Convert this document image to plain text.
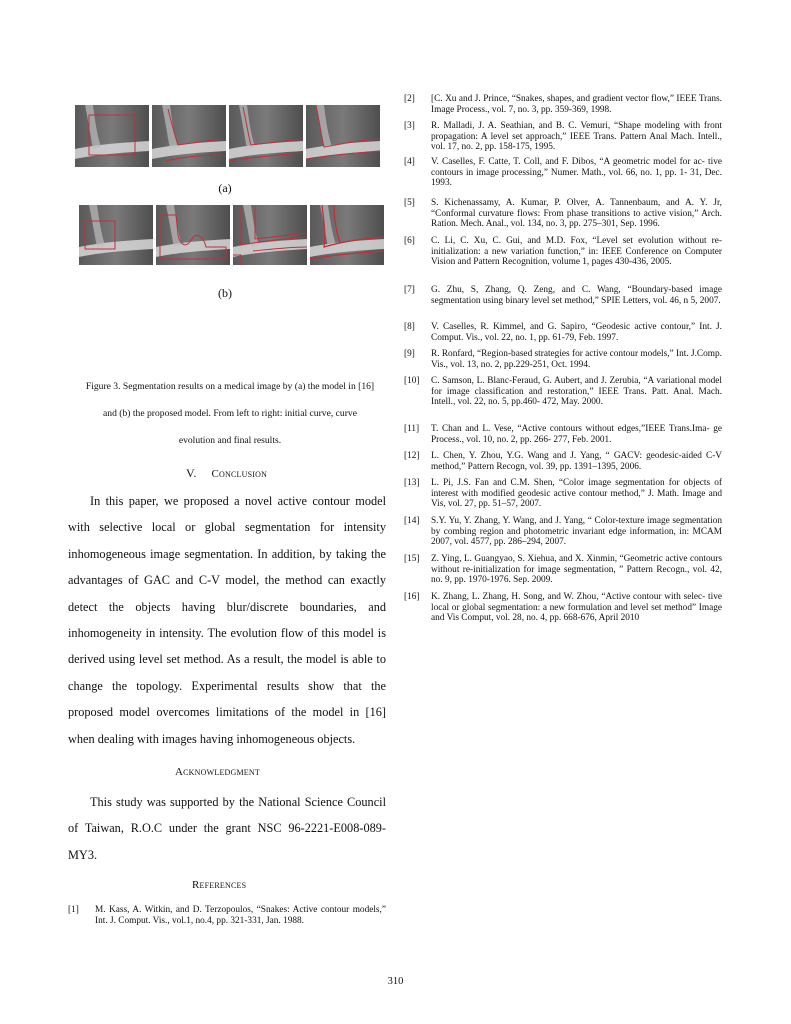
(a)
(b)
Figure 3. Segmentation results on a medical image by (a) the model in [16]
and (b) the proposed model. From left to right: initial curve, curve
evolution and final results.
V. Conclusion
In this paper, we proposed a novel active contour model with selective local or global segmentation for intensity inhomogeneous image segmentation. In addition, by taking the advantages of GAC and C-V model, the method can exactly detect the objects having blur/discrete boundaries, and inhomogeneity in intensity. The evolution flow of this model is derived using level set method. As a result, the model is able to change the topology. Experimental results show that the proposed model overcomes limitations of the model in [16] when dealing with images having inhomogeneous objects.
Acknowledgment
This study was supported by the National Science Council of Taiwan, R.O.C under the grant NSC 96-2221-E008-089-MY3.
References
[1]	M. Kass, A. Witkin, and D. Terzopoulos, “Snakes: Active contour models,” Int. J. Comput. Vis., vol.1, no.4, pp. 321-331, Jan. 1988.
[2]	[C. Xu and J. Prince, “Snakes, shapes, and gradient vector flow,” IEEE Trans. Image Process., vol. 7, no. 3, pp. 359-369, 1998.
[3]	R. Malladi, J. A. Seathian, and B. C. Vemuri, “Shape modeling with front propagation: A level set approach,” IEEE Trans. Pattern Anal Mach. Intell., vol. 17, no. 2, pp. 158-175, 1995.
[4]	V. Caselles, F. Catte, T. Coll, and F. Dibos, “A geometric model for ac- tive contours in image processing,” Numer. Math., vol. 66, no. 1, pp. 1- 31, Dec. 1993.
[5]	S. Kichenassamy, A. Kumar, P. Olver, A. Tannenbaum, and A. Y. Jr, “Conformal curvature flows: From phase transitions to active vision,” Arch. Ration. Mech. Anal., vol. 134, no. 3, pp. 275–301, Sep. 1996.
[6]	C. Li, C. Xu, C. Gui, and M.D. Fox, “Level set evolution without re-initialization: a new variation function,” in: IEEE Conference on Computer Vision and Pattern Recognition, volume 1, pages 430-436, 2005.
[7]	G. Zhu, S, Zhang, Q. Zeng, and C. Wang, “Boundary-based image segmentation using binary level set method,” SPIE Letters, vol. 46, n 5, 2007.
[8]	V. Caselles, R. Kimmel, and G. Sapiro, “Geodesic active contour,” Int. J. Comput. Vis., vol. 22, no. 1, pp. 61-79, Feb. 1997.
[9]	R. Ronfard, “Region-based strategies for active contour models,” Int. J.Comp. Vis., vol. 13, no. 2, pp.229-251, Oct. 1994.
[10]	C. Samson, L. Blanc-Feraud, G. Aubert, and J. Zerubia, “A variational model for image classification and restoration,” IEEE Trans. Patt. Anal. Mach. Intell., vol. 22, no. 5, pp.460- 472, May. 2000.
[11]	T. Chan and L. Vese, “Active contours without edges,”IEEE Trans.Ima- ge Process., vol. 10, no. 2, pp. 266- 277, Feb. 2001.
[12]	L. Chen, Y. Zhou, Y.G. Wang and J. Yang, “ GACV: geodesic-aided C-V method,” Pattern Recogn, vol. 39, pp. 1391–1395, 2006.
[13]	L. Pi, J.S. Fan and C.M. Shen, “Color image segmentation for objects of interest with modified geodesic active contour method,” J. Math. Image and Vis, vol. 27, pp. 51–57, 2007.
[14]	S.Y. Yu, Y. Zhang, Y. Wang, and J. Yang, “ Color-texture image segmentation by combing region and photometric invariant edge information, in: MCAM 2007, vol. 4577, pp. 286–294, 2007.
[15]	Z. Ying, L. Guangyao, S. Xiehua, and X. Xinmin, “Geometric active contours without re-initialization for image segmentation, ” Pattern Recogn., vol. 42, no. 9, pp. 1970-1976. Sep. 2009.
[16]	K. Zhang, L. Zhang, H. Song, and W. Zhou, “Active contour with selec- tive local or global segmentation: a new formulation and level set method” Image and Vis Comput, vol. 28, no. 4, pp. 668-676, April 2010
310
